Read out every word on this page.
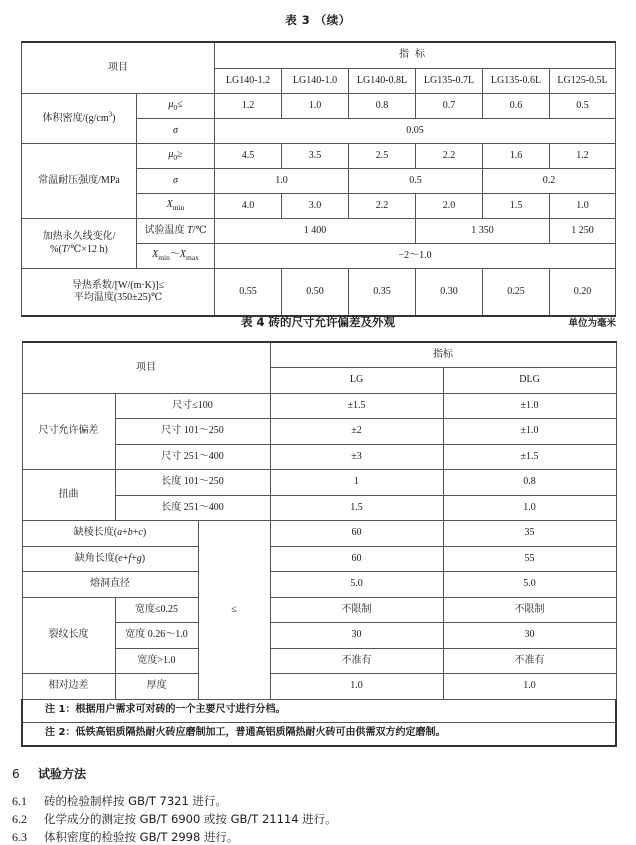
表 3 （续）
项目		指标					
		LG140-1.2	LG140-1.0	LG140-0.8L	LG135-0.7L	LG135-0.6L	LG125-0.5L
体积密度$/(g/cm^3)$	$\mu_0\le$	1.2	1.0	0.8	0.7	0.6	0.5
	σ	0.05					
常温耐压强度/MPa	$\mu_0\ge$	4.5	3.5	2.5	2.2	1.6	1.2
	σ	1.0		0.5		0.2	
	$X_{min}$	4.0	3.0	2.2	2.0	1.5	1.0
加热永久线变化/
%(T/℃×12 h)	试验温度 T/℃	1 400			1 350		1 250
	$X_{min}\sim X_{max}$	−2～1.0					
导热系数/[W/(m·K)]≤
平均温度(350±25)℃		0.55	0.50	0.35	0.30	0.25	0.20
表 4 砖的尺寸允许偏差及外观	单位为毫米
项目			指标	
			LG	DLG
尺寸允许偏差	尺寸≤100		±1.5	±1.0
	尺寸 101～250		±2	±1.0
	尺寸 251～400		±3	±1.5
扭曲	长度 101～250		1	0.8
	长度 251～400		1.5	1.0
缺棱长度(a+b+c)		≤	60	35
缺角长度(e+f+g)			60	55
熔洞直径			5.0	5.0
裂纹长度	宽度≤0.25		不限制	不限制
	宽度 0.26～1.0		30	30
	宽度>1.0		不准有	不准有
相对边差	厚度		1.0	1.0
注 1：根据用户需求可对砖的一个主要尺寸进行分档。				
注 2：低铁高铝质隔热耐火砖应磨制加工，普通高铝质隔热耐火砖可由供需双方约定磨制。				
6 试验方法
6.1 砖的检验制样按 GB/T 7321 进行。
6.2 化学成分的测定按 GB/T 6900 或按 GB/T 21114 进行。
6.3 体积密度的检验按 GB/T 2998 进行。
